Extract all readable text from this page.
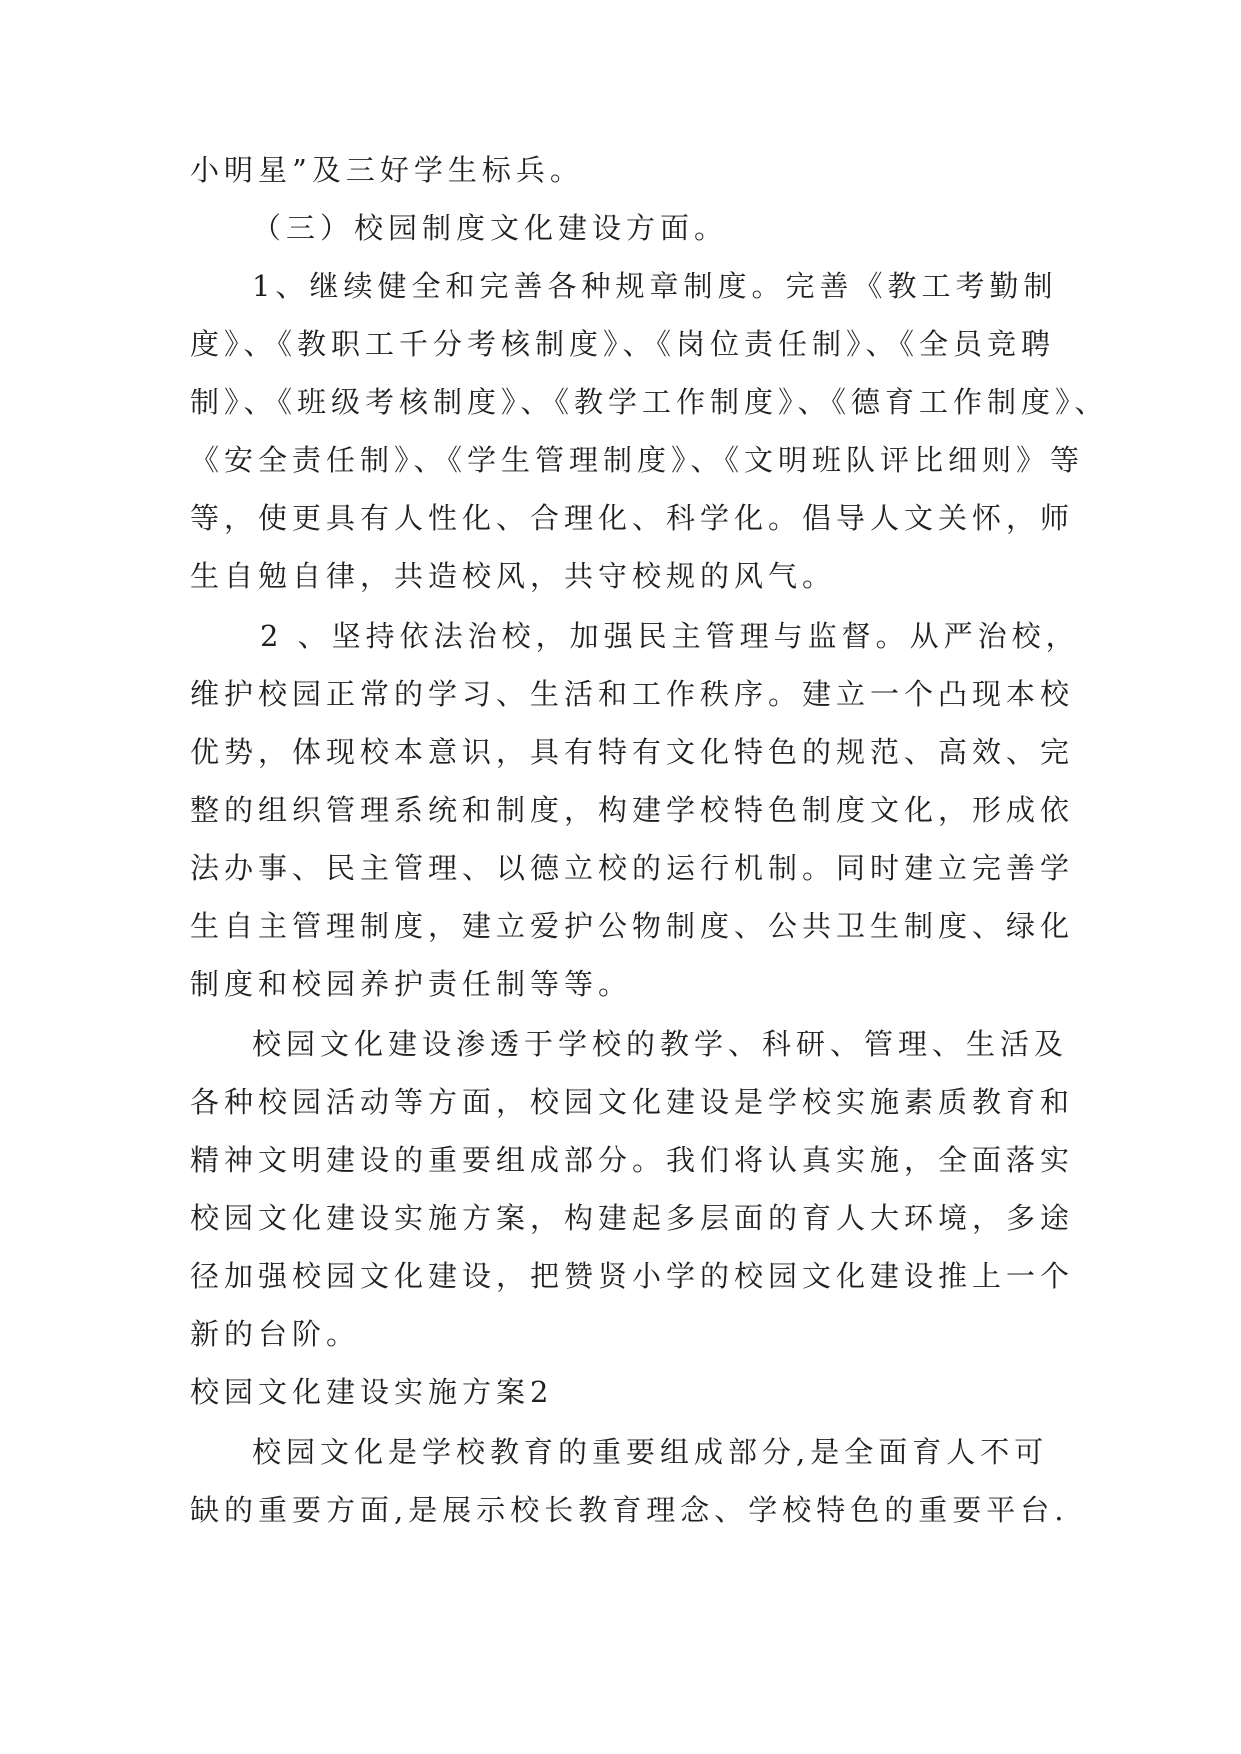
小明星”及三好学生标兵。

（三）校园制度文化建设方面。

1、继续健全和完善各种规章制度。完善《教工考勤制

度》、《教职工千分考核制度》、《岗位责任制》、《全员竞聘

制》、《班级考核制度》、《教学工作制度》、《德育工作制度》、

《安全责任制》、《学生管理制度》、《文明班队评比细则》等

等，使更具有人性化、合理化、科学化。倡导人文关怀，师

生自勉自律，共造校风，共守校规的风气。

2 、坚持依法治校，加强民主管理与监督。从严治校，

维护校园正常的学习、生活和工作秩序。建立一个凸现本校

优势，体现校本意识，具有特有文化特色的规范、高效、完

整的组织管理系统和制度，构建学校特色制度文化，形成依

法办事、民主管理、以德立校的运行机制。同时建立完善学

生自主管理制度，建立爱护公物制度、公共卫生制度、绿化

制度和校园养护责任制等等。

校园文化建设渗透于学校的教学、科研、管理、生活及

各种校园活动等方面，校园文化建设是学校实施素质教育和

精神文明建设的重要组成部分。我们将认真实施，全面落实

校园文化建设实施方案，构建起多层面的育人大环境，多途

径加强校园文化建设，把赞贤小学的校园文化建设推上一个

新的台阶。

校园文化建设实施方案2

校园文化是学校教育的重要组成部分,是全面育人不可

缺的重要方面,是展示校长教育理念、学校特色的重要平台.
